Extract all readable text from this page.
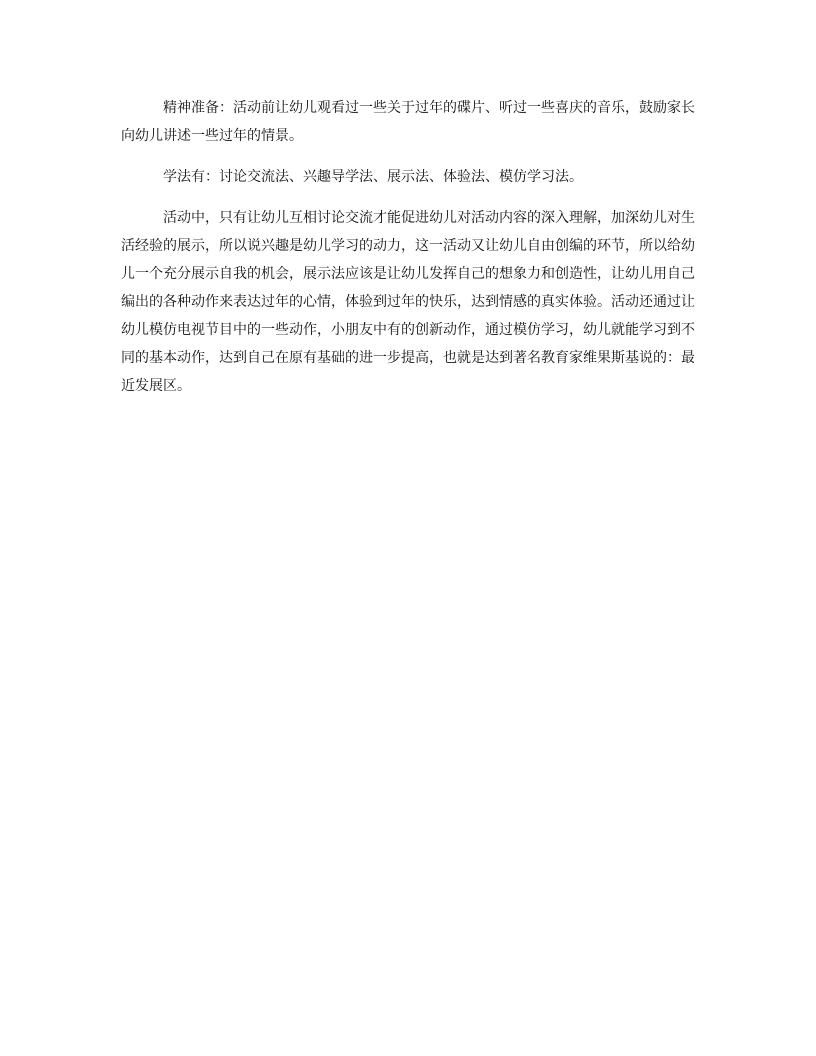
精神准备：活动前让幼儿观看过一些关于过年的碟片、听过一些喜庆的音乐，鼓励家长向幼儿讲述一些过年的情景。

学法有：讨论交流法、兴趣导学法、展示法、体验法、模仿学习法。

活动中，只有让幼儿互相讨论交流才能促进幼儿对活动内容的深入理解，加深幼儿对生活经验的展示，所以说兴趣是幼儿学习的动力，这一活动又让幼儿自由创编的环节，所以给幼儿一个充分展示自我的机会，展示法应该是让幼儿发挥自己的想象力和创造性，让幼儿用自己编出的各种动作来表达过年的心情，体验到过年的快乐，达到情感的真实体验。活动还通过让幼儿模仿电视节目中的一些动作，小朋友中有的创新动作，通过模仿学习，幼儿就能学习到不同的基本动作，达到自己在原有基础的进一步提高，也就是达到著名教育家维果斯基说的：最近发展区。
